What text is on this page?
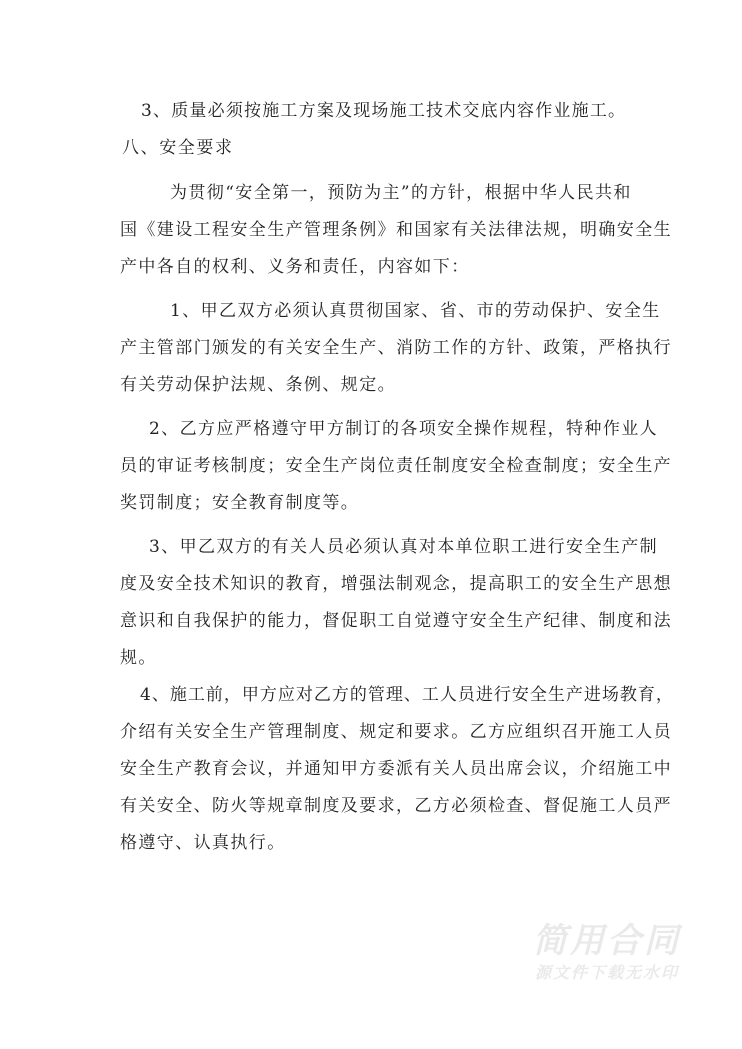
3、质量必须按施工方案及现场施工技术交底内容作业施工。
八、安全要求
为贯彻“安全第一，预防为主”的方针，根据中华人民共和
国《建设工程安全生产管理条例》和国家有关法律法规，明确安全生
产中各自的权利、义务和责任，内容如下：
1、甲乙双方必须认真贯彻国家、省、市的劳动保护、安全生
产主管部门颁发的有关安全生产、消防工作的方针、政策，严格执行
有关劳动保护法规、条例、规定。
2、乙方应严格遵守甲方制订的各项安全操作规程，特种作业人
员的审证考核制度；安全生产岗位责任制度安全检查制度；安全生产
奖罚制度；安全教育制度等。
3、甲乙双方的有关人员必须认真对本单位职工进行安全生产制
度及安全技术知识的教育，增强法制观念，提高职工的安全生产思想
意识和自我保护的能力，督促职工自觉遵守安全生产纪律、制度和法
规。
4、施工前，甲方应对乙方的管理、工人员进行安全生产进场教育，
介绍有关安全生产管理制度、规定和要求。乙方应组织召开施工人员
安全生产教育会议，并通知甲方委派有关人员出席会议，介绍施工中
有关安全、防火等规章制度及要求，乙方必须检查、督促施工人员严
格遵守、认真执行。
简用合同
源文件下载无水印
